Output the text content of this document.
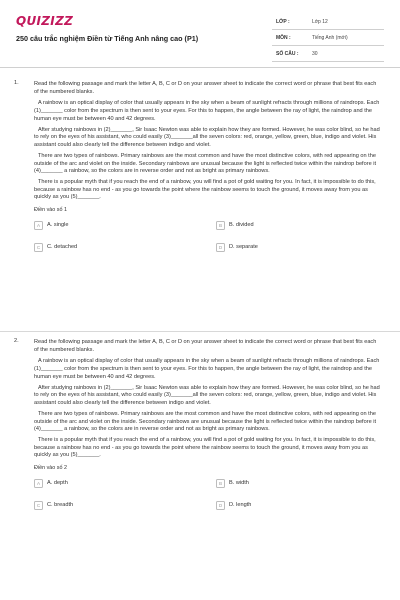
QUIZIZZ
250 câu trắc nghiệm Điền từ Tiếng Anh nâng cao (P1)
LỚP :	Lớp 12
MÔN :	Tiếng Anh (mới)
SỐ CÂU :	30
1.	Read the following passage and mark the letter A, B, C or D on your answer sheet to indicate the correct word or phrase that best fits each of the numbered blanks.

A rainbow is an optical display of color that usually appears in the sky when a beam of sunlight refracts through millions of raindrops. Each (1)_______ color from the spectrum is then sent to your eyes. For this to happen, the angle between the ray of light, the raindrop and the human eye must be between 40 and 42 degrees.

After studying rainbows in (2)_______, Sir Isaac Newton was able to explain how they are formed. However, he was color blind, so he had to rely on the eyes of his assistant, who could easily (3)_______all the seven colors: red, orange, yellow, green, blue, indigo and violet. His assistant could also clearly tell the difference between indigo and violet.

There are two types of rainbows. Primary rainbows are the most common and have the most distinctive colors, with red appearing on the outside of the arc and violet on the inside. Secondary rainbows are unusual because the light is reflected twice within the raindrop before it (4)_______ a rainbow, so the colors are in reverse order and not as bright as primary rainbows.

There is a popular myth that if you reach the end of a rainbow, you will find a pot of gold waiting for you. In fact, it is impossible to do this, because a rainbow has no end - as you go towards the point where the rainbow seems to touch the ground, it moves away from you as quickly as you (5)_______.

Điền vào số 1
A	A. single	B	B. divided
C	C. detached	D	D. separate
2.	Read the following passage and mark the letter A, B, C or D on your answer sheet to indicate the correct word or phrase that best fits each of the numbered blanks.

A rainbow is an optical display of color that usually appears in the sky when a beam of sunlight refracts through millions of raindrops. Each (1)_______ color from the spectrum is then sent to your eyes. For this to happen, the angle between the ray of light, the raindrop and the human eye must be between 40 and 42 degrees.

After studying rainbows in (2)_______, Sir Isaac Newton was able to explain how they are formed. However, he was color blind, so he had to rely on the eyes of his assistant, who could easily (3)_______all the seven colors: red, orange, yellow, green, blue, indigo and violet. His assistant could also clearly tell the difference between indigo and violet.

There are two types of rainbows. Primary rainbows are the most common and have the most distinctive colors, with red appearing on the outside of the arc and violet on the inside. Secondary rainbows are unusual because the light is reflected twice within the raindrop before it (4)_______ a rainbow, so the colors are in reverse order and not as bright as primary rainbows.

There is a popular myth that if you reach the end of a rainbow, you will find a pot of gold waiting for you. In fact, it is impossible to do this, because a rainbow has no end - as you go towards the point where the rainbow seems to touch the ground, it moves away from you as quickly as you (5)_______.

Điền vào số 2
A	A. depth	B	B. width
C	C. breadth	D	D. length
